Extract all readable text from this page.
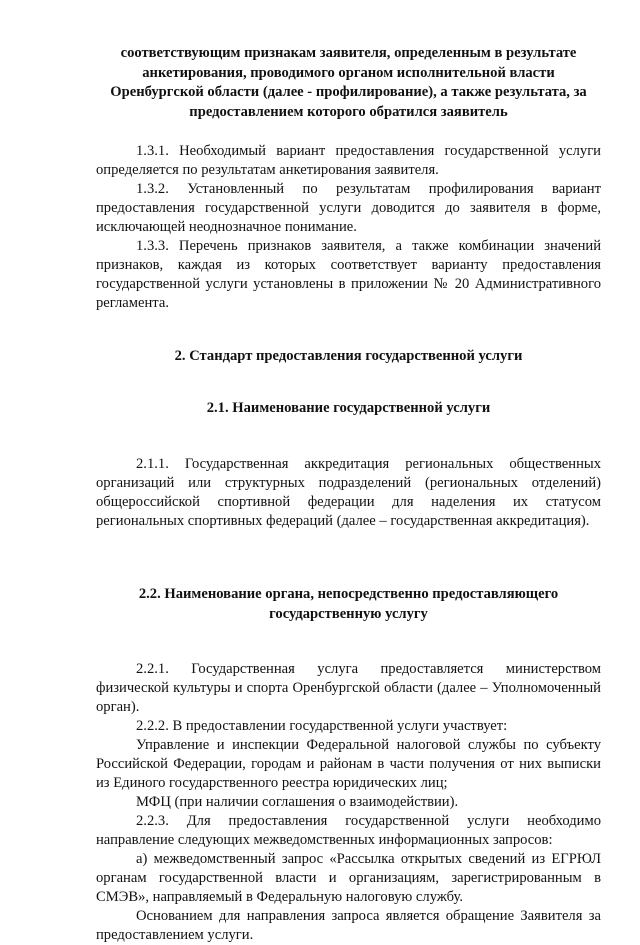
соответствующим признакам заявителя, определенным в результате анкетирования, проводимого органом исполнительной власти Оренбургской области (далее - профилирование), а также результата, за предоставлением которого обратился заявитель

1.3.1. Необходимый вариант предоставления государственной услуги определяется по результатам анкетирования заявителя.

1.3.2. Установленный по результатам профилирования вариант предоставления государственной услуги доводится до заявителя в форме, исключающей неоднозначное понимание.

1.3.3. Перечень признаков заявителя, а также комбинации значений признаков, каждая из которых соответствует варианту предоставления государственной услуги установлены в приложении № 20 Административного регламента.

2. Стандарт предоставления государственной услуги

2.1. Наименование государственной услуги

2.1.1. Государственная аккредитация региональных общественных организаций или структурных подразделений (региональных отделений) общероссийской спортивной федерации для наделения их статусом региональных спортивных федераций (далее – государственная аккредитация).

2.2. Наименование органа, непосредственно предоставляющего государственную услугу

2.2.1. Государственная услуга предоставляется министерством физической культуры и спорта Оренбургской области (далее – Уполномоченный орган).

2.2.2. В предоставлении государственной услуги участвует:

Управление и инспекции Федеральной налоговой службы по субъекту Российской Федерации, городам и районам в части получения от них выписки из Единого государственного реестра юридических лиц;

МФЦ (при наличии соглашения о взаимодействии).

2.2.3. Для предоставления государственной услуги необходимо направление следующих межведомственных информационных запросов:

а) межведомственный запрос «Рассылка открытых сведений из ЕГРЮЛ органам государственной власти и организациям, зарегистрированным в СМЭВ», направляемый в Федеральную налоговую службу.

Основанием для направления запроса является обращение Заявителя за предоставлением услуги.
